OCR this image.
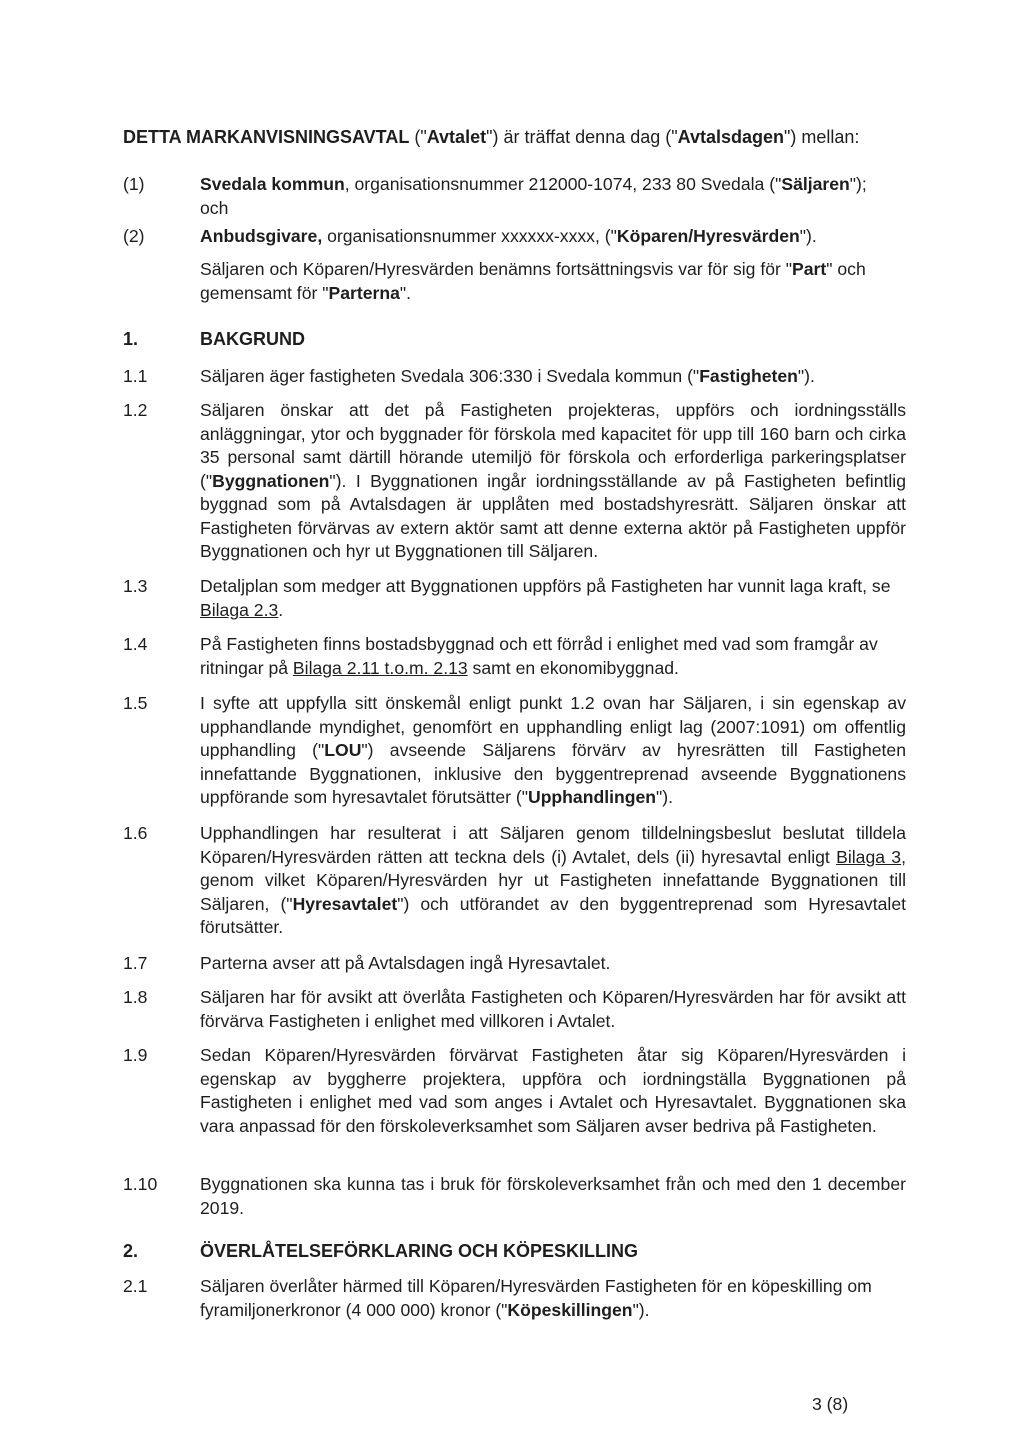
DETTA MARKANVISNINGSAVTAL ("Avtalet") är träffat denna dag ("Avtalsdagen") mellan:
(1)	Svedala kommun, organisationsnummer 212000-1074, 233 80 Svedala ("Säljaren"); och
(2)	Anbudsgivare, organisationsnummer xxxxxx-xxxx, ("Köparen/Hyresvärden").
Säljaren och Köparen/Hyresvärden benämns fortsättningsvis var för sig för "Part" och gemensamt för "Parterna".
1.	BAKGRUND
1.1	Säljaren äger fastigheten Svedala 306:330 i Svedala kommun ("Fastigheten").
1.2	Säljaren önskar att det på Fastigheten projekteras, uppförs och iordningsställs anläggningar, ytor och byggnader för förskola med kapacitet för upp till 160 barn och cirka 35 personal samt därtill hörande utemiljö för förskola och erforderliga parkeringsplatser ("Byggnationen"). I Byggnationen ingår iordningsställande av på Fastigheten befintlig byggnad som på Avtalsdagen är upplåten med bostadshyresrätt. Säljaren önskar att Fastigheten förvärvas av extern aktör samt att denne externa aktör på Fastigheten uppför Byggnationen och hyr ut Byggnationen till Säljaren.
1.3	Detaljplan som medger att Byggnationen uppförs på Fastigheten har vunnit laga kraft, se Bilaga 2.3.
1.4	På Fastigheten finns bostadsbyggnad och ett förråd i enlighet med vad som framgår av ritningar på Bilaga 2.11 t.o.m. 2.13 samt en ekonomibyggnad.
1.5	I syfte att uppfylla sitt önskemål enligt punkt 1.2 ovan har Säljaren, i sin egenskap av upphandlande myndighet, genomfört en upphandling enligt lag (2007:1091) om offentlig upphandling ("LOU") avseende Säljarens förvärv av hyresrätten till Fastigheten innefattande Byggnationen, inklusive den byggentreprenad avseende Byggnationens uppförande som hyresavtalet förutsätter ("Upphandlingen").
1.6	Upphandlingen har resulterat i att Säljaren genom tilldelningsbeslut beslutat tilldela Köparen/Hyresvärden rätten att teckna dels (i) Avtalet, dels (ii) hyresavtal enligt Bilaga 3, genom vilket Köparen/Hyresvärden hyr ut Fastigheten innefattande Byggnationen till Säljaren, ("Hyresavtalet") och utförandet av den byggentreprenad som Hyresavtalet förutsätter.
1.7	Parterna avser att på Avtalsdagen ingå Hyresavtalet.
1.8	Säljaren har för avsikt att överlåta Fastigheten och Köparen/Hyresvärden har för avsikt att förvärva Fastigheten i enlighet med villkoren i Avtalet.
1.9	Sedan Köparen/Hyresvärden förvärvat Fastigheten åtar sig Köparen/Hyresvärden i egenskap av byggherre projektera, uppföra och iordningställa Byggnationen på Fastigheten i enlighet med vad som anges i Avtalet och Hyresavtalet. Byggnationen ska vara anpassad för den förskoleverksamhet som Säljaren avser bedriva på Fastigheten.
1.10 Byggnationen ska kunna tas i bruk för förskoleverksamhet från och med den 1 december 2019.
2.	ÖVERLÅTELSEFÖRKLARING OCH KÖPESKILLING
2.1	Säljaren överlåter härmed till Köparen/Hyresvärden Fastigheten för en köpeskilling om fyramiljonerkronor (4 000 000) kronor ("Köpeskillingen").
3 (8)
